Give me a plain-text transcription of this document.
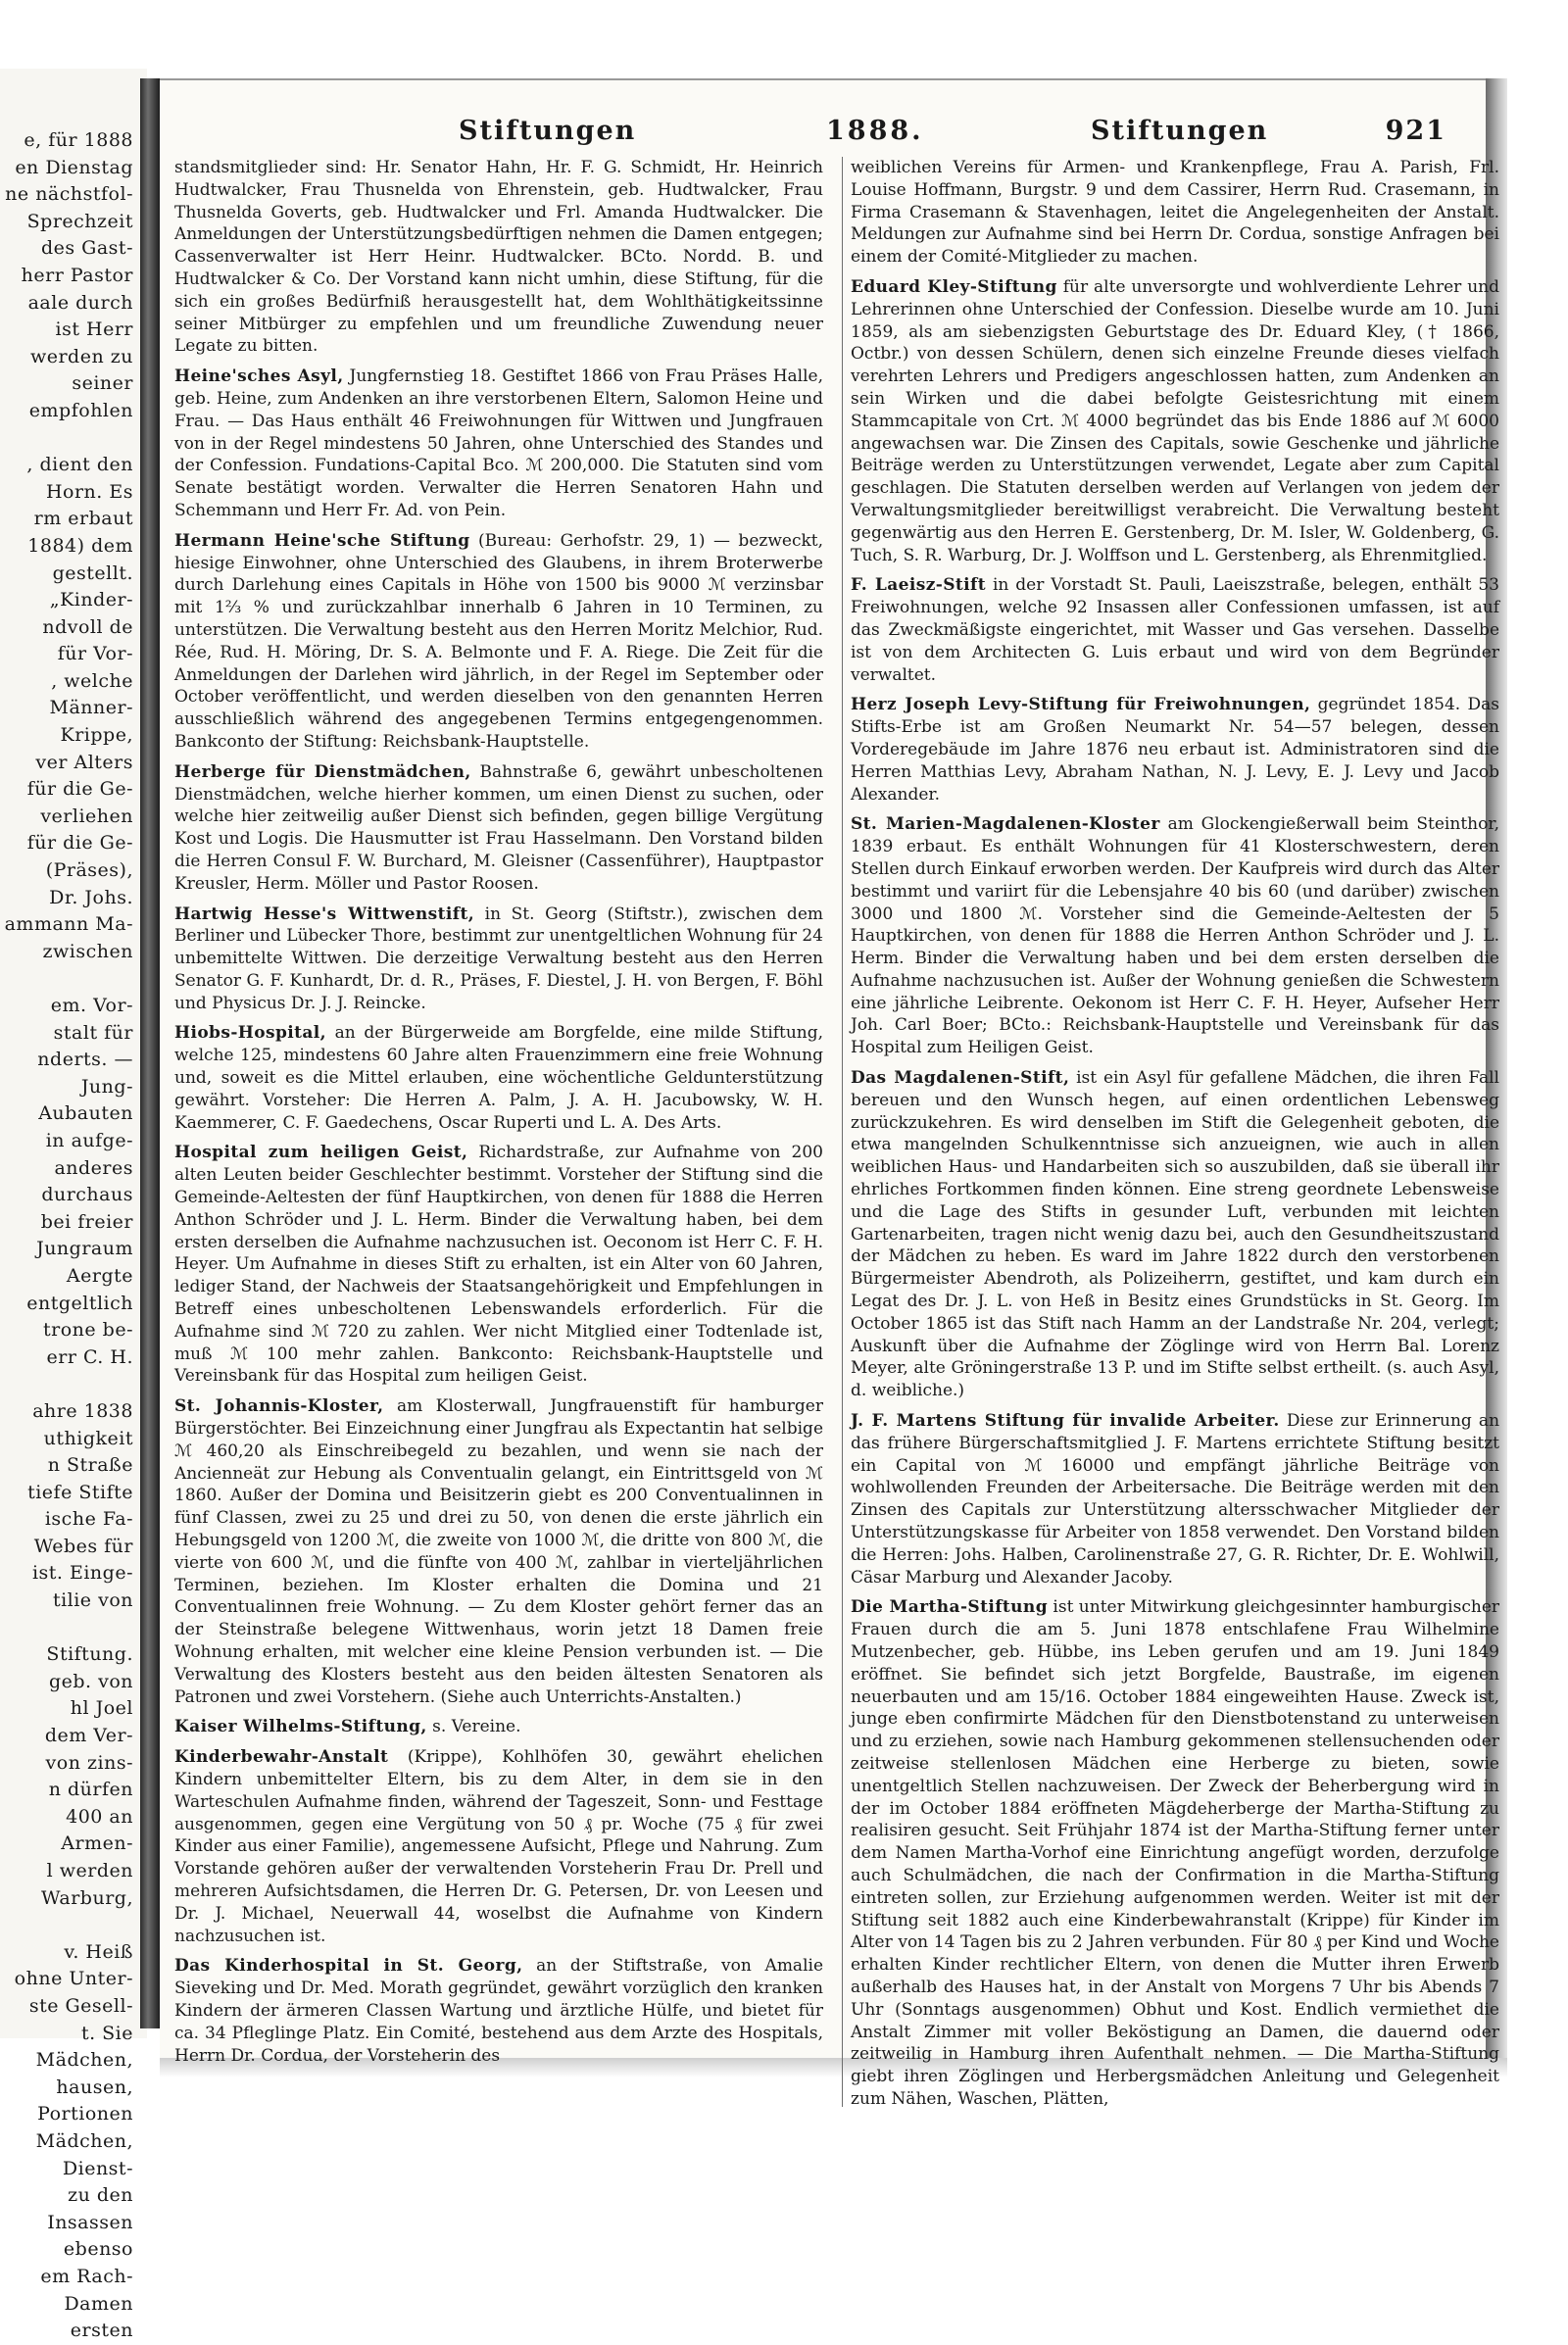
e, für 1888
en Dienstag
ne nächstfol-
Sprechzeit
des Gast-
herr Pastor
aale durch
ist Herr
werden zu
seiner
empfohlen

, dient den
Horn. Es
rm erbaut
1884) dem
gestellt.
„Kinder-
ndvoll de
für Vor-
, welche
Männer-
Krippe,
ver Alters
für die Ge-
verliehen
für die Ge-
(Präses),
Dr. Johs.
ammann Ma-
zwischen

em. Vor-
stalt für
nderts. —
Jung-
Aubauten
in aufge-
anderes
durchaus
bei freier
Jungraum
Aergte
entgeltlich
trone be-
err C. H.

ahre 1838
uthigkeit
n Straße
tiefe Stifte
ische Fa-
Webes für
ist. Einge-
tilie von

Stiftung.
geb. von
hl Joel
dem Ver-
von zins-
n dürfen
400 an
Armen-
l werden
Warburg,

v. Heiß
ohne Unter-
ste Gesell-
t. Sie
Mädchen,
hausen,
Portionen
Mädchen,
Dienst-
zu den
Insassen
ebenso
em Rach-
Damen
ersten
Stiftungen	1888.	Stiftungen	921

standsmitglieder sind: Hr. Senator Hahn, Hr. F. G. Schmidt, Hr. Heinrich Hudtwalcker, Frau Thusnelda von Ehrenstein, geb. Hudtwalcker, Frau Thusnelda Goverts, geb. Hudtwalcker und Frl. Amanda Hudtwalcker. Die Anmeldungen der Unterstützungsbedürftigen nehmen die Damen entgegen; Cassenverwalter ist Herr Heinr. Hudtwalcker. BCto. Nordd. B. und Hudtwalcker & Co. Der Vorstand kann nicht umhin, diese Stiftung, für die sich ein großes Bedürfniß herausgestellt hat, dem Wohlthätigkeitssinne seiner Mitbürger zu empfehlen und um freundliche Zuwendung neuer Legate zu bitten.

Heine'sches Asyl, Jungfernstieg 18. Gestiftet 1866 von Frau Präses Halle, geb. Heine, zum Andenken an ihre verstorbenen Eltern, Salomon Heine und Frau. — Das Haus enthält 46 Freiwohnungen für Wittwen und Jungfrauen von in der Regel mindestens 50 Jahren, ohne Unterschied des Standes und der Confession. Fundations-Capital Bco. ℳ 200,000. Die Statuten sind vom Senate bestätigt worden. Verwalter die Herren Senatoren Hahn und Schemmann und Herr Fr. Ad. von Pein.

Hermann Heine'sche Stiftung (Bureau: Gerhofstr. 29, 1) — bezweckt, hiesige Einwohner, ohne Unterschied des Glaubens, in ihrem Broterwerbe durch Darlehung eines Capitals in Höhe von 1500 bis 9000 ℳ verzinsbar mit 1⅔ % und zurückzahlbar innerhalb 6 Jahren in 10 Terminen, zu unterstützen. Die Verwaltung besteht aus den Herren Moritz Melchior, Rud. Rée, Rud. H. Möring, Dr. S. A. Belmonte und F. A. Riege. Die Zeit für die Anmeldungen der Darlehen wird jährlich, in der Regel im September oder October veröffentlicht, und werden dieselben von den genannten Herren ausschließlich während des angegebenen Termins entgegengenommen. Bankconto der Stiftung: Reichsbank-Hauptstelle.

Herberge für Dienstmädchen, Bahnstraße 6, gewährt unbescholtenen Dienstmädchen, welche hierher kommen, um einen Dienst zu suchen, oder welche hier zeitweilig außer Dienst sich befinden, gegen billige Vergütung Kost und Logis. Die Hausmutter ist Frau Hasselmann. Den Vorstand bilden die Herren Consul F. W. Burchard, M. Gleisner (Cassenführer), Hauptpastor Kreusler, Herm. Möller und Pastor Roosen.

Hartwig Hesse's Wittwenstift, in St. Georg (Stiftstr.), zwischen dem Berliner und Lübecker Thore, bestimmt zur unentgeltlichen Wohnung für 24 unbemittelte Wittwen. Die derzeitige Verwaltung besteht aus den Herren Senator G. F. Kunhardt, Dr. d. R., Präses, F. Diestel, J. H. von Bergen, F. Böhl und Physicus Dr. J. J. Reincke.

Hiobs-Hospital, an der Bürgerweide am Borgfelde, eine milde Stiftung, welche 125, mindestens 60 Jahre alten Frauenzimmern eine freie Wohnung und, soweit es die Mittel erlauben, eine wöchentliche Geldunterstützung gewährt. Vorsteher: Die Herren A. Palm, J. A. H. Jacubowsky, W. H. Kaemmerer, C. F. Gaedechens, Oscar Ruperti und L. A. Des Arts.

Hospital zum heiligen Geist, Richardstraße, zur Aufnahme von 200 alten Leuten beider Geschlechter bestimmt. Vorsteher der Stiftung sind die Gemeinde-Aeltesten der fünf Hauptkirchen, von denen für 1888 die Herren Anthon Schröder und J. L. Herm. Binder die Verwaltung haben, bei dem ersten derselben die Aufnahme nachzusuchen ist. Oeconom ist Herr C. F. H. Heyer. Um Aufnahme in dieses Stift zu erhalten, ist ein Alter von 60 Jahren, lediger Stand, der Nachweis der Staatsangehörigkeit und Empfehlungen in Betreff eines unbescholtenen Lebenswandels erforderlich. Für die Aufnahme sind ℳ 720 zu zahlen. Wer nicht Mitglied einer Todtenlade ist, muß ℳ 100 mehr zahlen. Bankconto: Reichsbank-Hauptstelle und Vereinsbank für das Hospital zum heiligen Geist.

St. Johannis-Kloster, am Klosterwall, Jungfrauenstift für hamburger Bürgerstöchter. Bei Einzeichnung einer Jungfrau als Expectantin hat selbige ℳ 460,20 als Einschreibegeld zu bezahlen, und wenn sie nach der Ancienneät zur Hebung als Conventualin gelangt, ein Eintrittsgeld von ℳ 1860. Außer der Domina und Beisitzerin giebt es 200 Conventualinnen in fünf Classen, zwei zu 25 und drei zu 50, von denen die erste jährlich ein Hebungsgeld von 1200 ℳ, die zweite von 1000 ℳ, die dritte von 800 ℳ, die vierte von 600 ℳ, und die fünfte von 400 ℳ, zahlbar in vierteljährlichen Terminen, beziehen. Im Kloster erhalten die Domina und 21 Conventualinnen freie Wohnung. — Zu dem Kloster gehört ferner das an der Steinstraße belegene Wittwenhaus, worin jetzt 18 Damen freie Wohnung erhalten, mit welcher eine kleine Pension verbunden ist. — Die Verwaltung des Klosters besteht aus den beiden ältesten Senatoren als Patronen und zwei Vorstehern. (Siehe auch Unterrichts-Anstalten.)

Kaiser Wilhelms-Stiftung, s. Vereine.

Kinderbewahr-Anstalt (Krippe), Kohlhöfen 30, gewährt ehelichen Kindern unbemittelter Eltern, bis zu dem Alter, in dem sie in den Warteschulen Aufnahme finden, während der Tageszeit, Sonn- und Festtage ausgenommen, gegen eine Vergütung von 50 ₰ pr. Woche (75 ₰ für zwei Kinder aus einer Familie), angemessene Aufsicht, Pflege und Nahrung. Zum Vorstande gehören außer der verwaltenden Vorsteherin Frau Dr. Prell und mehreren Aufsichtsdamen, die Herren Dr. G. Petersen, Dr. von Leesen und Dr. J. Michael, Neuerwall 44, woselbst die Aufnahme von Kindern nachzusuchen ist.

Das Kinderhospital in St. Georg, an der Stiftstraße, von Amalie Sieveking und Dr. Med. Morath gegründet, gewährt vorzüglich den kranken Kindern der ärmeren Classen Wartung und ärztliche Hülfe, und bietet für ca. 34 Pfleglinge Platz. Ein Comité, bestehend aus dem Arzte des Hospitals, Herrn Dr. Cordua, der Vorsteherin des

weiblichen Vereins für Armen- und Krankenpflege, Frau A. Parish, Frl. Louise Hoffmann, Burgstr. 9 und dem Cassirer, Herrn Rud. Crasemann, in Firma Crasemann & Stavenhagen, leitet die Angelegenheiten der Anstalt. Meldungen zur Aufnahme sind bei Herrn Dr. Cordua, sonstige Anfragen bei einem der Comité-Mitglieder zu machen.

Eduard Kley-Stiftung für alte unversorgte und wohlverdiente Lehrer und Lehrerinnen ohne Unterschied der Confession. Dieselbe wurde am 10. Juni 1859, als am siebenzigsten Geburtstage des Dr. Eduard Kley, († 1866, Octbr.) von dessen Schülern, denen sich einzelne Freunde dieses vielfach verehrten Lehrers und Predigers angeschlossen hatten, zum Andenken an sein Wirken und die dabei befolgte Geistesrichtung mit einem Stammcapitale von Crt. ℳ 4000 begründet das bis Ende 1886 auf ℳ 6000 angewachsen war. Die Zinsen des Capitals, sowie Geschenke und jährliche Beiträge werden zu Unterstützungen verwendet, Legate aber zum Capital geschlagen. Die Statuten derselben werden auf Verlangen von jedem der Verwaltungsmitglieder bereitwilligst verabreicht. Die Verwaltung besteht gegenwärtig aus den Herren E. Gerstenberg, Dr. M. Isler, W. Goldenberg, G. Tuch, S. R. Warburg, Dr. J. Wolffson und L. Gerstenberg, als Ehrenmitglied.

F. Laeisz-Stift in der Vorstadt St. Pauli, Laeiszstraße, belegen, enthält 53 Freiwohnungen, welche 92 Insassen aller Confessionen umfassen, ist auf das Zweckmäßigste eingerichtet, mit Wasser und Gas versehen. Dasselbe ist von dem Architecten G. Luis erbaut und wird von dem Begründer verwaltet.

Herz Joseph Levy-Stiftung für Freiwohnungen, gegründet 1854. Das Stifts-Erbe ist am Großen Neumarkt Nr. 54—57 belegen, dessen Vorderegebäude im Jahre 1876 neu erbaut ist. Administratoren sind die Herren Matthias Levy, Abraham Nathan, N. J. Levy, E. J. Levy und Jacob Alexander.

St. Marien-Magdalenen-Kloster am Glockengießerwall beim Steinthor, 1839 erbaut. Es enthält Wohnungen für 41 Klosterschwestern, deren Stellen durch Einkauf erworben werden. Der Kaufpreis wird durch das Alter bestimmt und variirt für die Lebensjahre 40 bis 60 (und darüber) zwischen 3000 und 1800 ℳ. Vorsteher sind die Gemeinde-Aeltesten der 5 Hauptkirchen, von denen für 1888 die Herren Anthon Schröder und J. L. Herm. Binder die Verwaltung haben und bei dem ersten derselben die Aufnahme nachzusuchen ist. Außer der Wohnung genießen die Schwestern eine jährliche Leibrente. Oekonom ist Herr C. F. H. Heyer, Aufseher Herr Joh. Carl Boer; BCto.: Reichsbank-Hauptstelle und Vereinsbank für das Hospital zum Heiligen Geist.

Das Magdalenen-Stift, ist ein Asyl für gefallene Mädchen, die ihren Fall bereuen und den Wunsch hegen, auf einen ordentlichen Lebensweg zurückzukehren. Es wird denselben im Stift die Gelegenheit geboten, die etwa mangelnden Schulkenntnisse sich anzueignen, wie auch in allen weiblichen Haus- und Handarbeiten sich so auszubilden, daß sie überall ihr ehrliches Fortkommen finden können. Eine streng geordnete Lebensweise und die Lage des Stifts in gesunder Luft, verbunden mit leichten Gartenarbeiten, tragen nicht wenig dazu bei, auch den Gesundheitszustand der Mädchen zu heben. Es ward im Jahre 1822 durch den verstorbenen Bürgermeister Abendroth, als Polizeiherrn, gestiftet, und kam durch ein Legat des Dr. J. L. von Heß in Besitz eines Grundstücks in St. Georg. Im October 1865 ist das Stift nach Hamm an der Landstraße Nr. 204, verlegt; Auskunft über die Aufnahme der Zöglinge wird von Herrn Bal. Lorenz Meyer, alte Gröningerstraße 13 P. und im Stifte selbst ertheilt. (s. auch Asyl, d. weibliche.)

J. F. Martens Stiftung für invalide Arbeiter. Diese zur Erinnerung an das frühere Bürgerschaftsmitglied J. F. Martens errichtete Stiftung besitzt ein Capital von ℳ 16000 und empfängt jährliche Beiträge von wohlwollenden Freunden der Arbeitersache. Die Beiträge werden mit den Zinsen des Capitals zur Unterstützung altersschwacher Mitglieder der Unterstützungskasse für Arbeiter von 1858 verwendet. Den Vorstand bilden die Herren: Johs. Halben, Carolinenstraße 27, G. R. Richter, Dr. E. Wohlwill, Cäsar Marburg und Alexander Jacoby.

Die Martha-Stiftung ist unter Mitwirkung gleichgesinnter hamburgischer Frauen durch die am 5. Juni 1878 entschlafene Frau Wilhelmine Mutzenbecher, geb. Hübbe, ins Leben gerufen und am 19. Juni 1849 eröffnet. Sie befindet sich jetzt Borgfelde, Baustraße, im eigenen neuerbauten und am 15/16. October 1884 eingeweihten Hause. Zweck ist, junge eben confirmirte Mädchen für den Dienstbotenstand zu unterweisen und zu erziehen, sowie nach Hamburg gekommenen stellensuchenden oder zeitweise stellenlosen Mädchen eine Herberge zu bieten, sowie unentgeltlich Stellen nachzuweisen. Der Zweck der Beherbergung wird in der im October 1884 eröffneten Mägdeherberge der Martha-Stiftung zu realisiren gesucht. Seit Frühjahr 1874 ist der Martha-Stiftung ferner unter dem Namen Martha-Vorhof eine Einrichtung angefügt worden, derzufolge auch Schulmädchen, die nach der Confirmation in die Martha-Stiftung eintreten sollen, zur Erziehung aufgenommen werden. Weiter ist mit der Stiftung seit 1882 auch eine Kinderbewahranstalt (Krippe) für Kinder im Alter von 14 Tagen bis zu 2 Jahren verbunden. Für 80 ₰ per Kind und Woche erhalten Kinder rechtlicher Eltern, von denen die Mutter ihren Erwerb außerhalb des Hauses hat, in der Anstalt von Morgens 7 Uhr bis Abends 7 Uhr (Sonntags ausgenommen) Obhut und Kost. Endlich vermiethet die Anstalt Zimmer mit voller Beköstigung an Damen, die dauernd oder zeitweilig in Hamburg ihren Aufenthalt nehmen. — Die Martha-Stiftung giebt ihren Zöglingen und Herbergsmädchen Anleitung und Gelegenheit zum Nähen, Waschen, Plätten,
